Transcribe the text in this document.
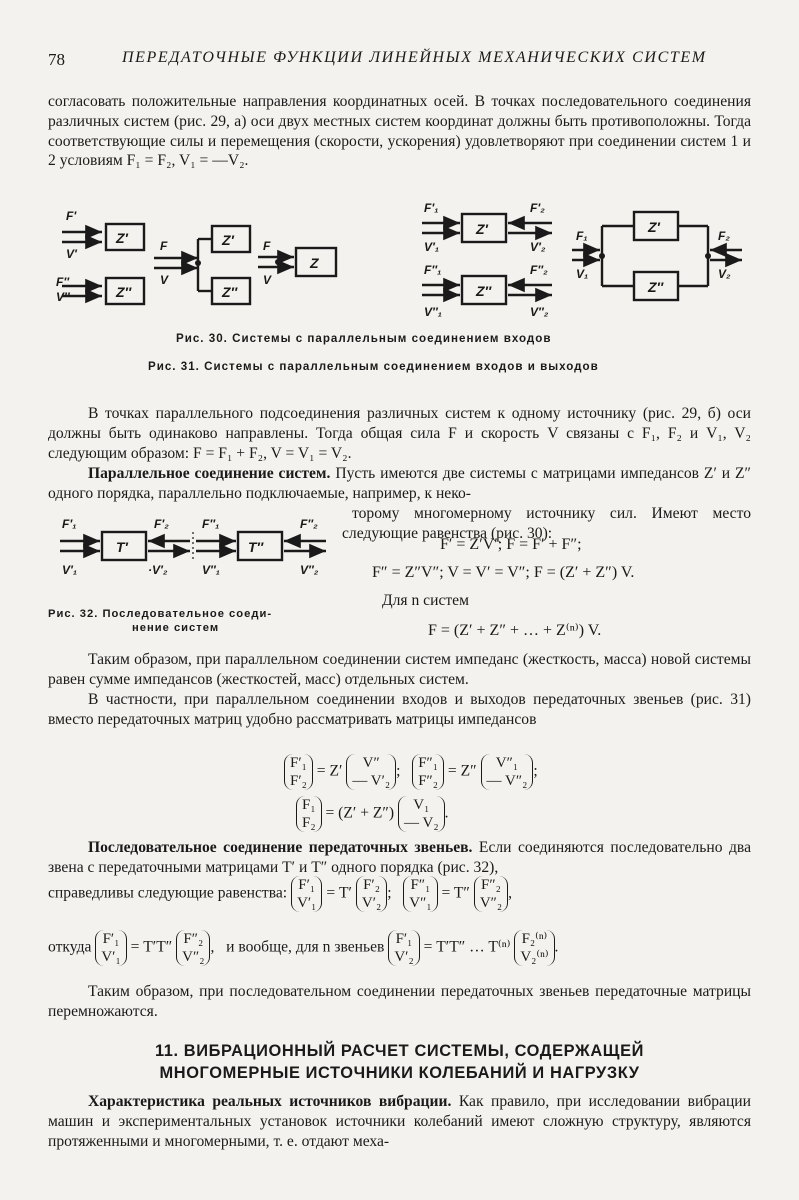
78	ПЕРЕДАТОЧНЫЕ ФУНКЦИИ ЛИНЕЙНЫХ МЕХАНИЧЕСКИХ СИСТЕМ
согласовать положительные направления координатных осей. В точках последовательного соединения различных систем (рис. 29, а) оси двух местных систем координат должны быть противоположны. Тогда соответствующие силы и перемещения (скорости, ускорения) удовлетворяют при соединении систем 1 и 2 условиям F₁ = F₂, V₁ = —V₂.
F′
V′
F″
V″
Z′
Z″
F
V
Z′
Z″
F
V
Z
F′₁
V′₁
F′₂
V′₂
Z′
F″₁
V″₁
F″₂
V″₂
Z″
F₁
V₁
Z′
Z″
F₂
V₂
Рис. 30. Системы с параллельным соединением входов
Рис. 31. Системы с параллельным соединением входов и выходов
В точках параллельного подсоединения различных систем к одному источнику (рис. 29, б) оси должны быть одинаково направлены. Тогда общая сила F и скорость V связаны с F₁, F₂ и V₁, V₂ следующим образом: F = F₁ + F₂, V = V₁ = V₂.
Параллельное соединение систем. Пусть имеются две системы с матрицами импедансов Z′ и Z″ одного порядка, параллельно подключаемые, например, к неко-
торому многомерному источнику сил. Имеют место следующие равенства (рис. 30):
F′₁
V′₁
F′₂
·V′₂
T′
F″₁
V″₁
T″
F″₂
V″₂
Рис. 32. Последовательное соеди-
нение систем
F′ = Z′V′; F = F′ + F″;
F″ = Z″V″; V = V′ = V″; F = (Z′ + Z″) V.
Для n систем
F = (Z′ + Z″ + … + Z⁽ⁿ⁾) V.
Таким образом, при параллельном соединении систем импеданс (жесткость, масса) новой системы равен сумме импедансов (жесткостей, масс) отдельных систем.
В частности, при параллельном соединении входов и выходов передаточных звеньев (рис. 31) вместо передаточных матриц удобно рассматривать матрицы импедансов
F′₁
F′₂
= Z′	V″
— V′₂
; F″₁
F″₂
= Z″	V″₁
— V″₂
;
F₁
F₂
= (Z′ + Z″)	V₁
— V₂
.
Последовательное соединение передаточных звеньев. Если соединяются последовательно два звена с передаточными матрицами T′ и T″ одного порядка (рис. 32),
справедливы следующие равенства: F′₁
V′₁
= T′ F′₂
V′₂
; F″₁
V″₁
= T″ F″₂
V″₂
,
откуда F′₁
V′₁
= T′T″ F″₂
V″₂
, и вообще, для n звеньев F′₁
V′₂
= T′T″ … T⁽ⁿ⁾ F₂⁽ⁿ⁾
V₂⁽ⁿ⁾
.
Таким образом, при последовательном соединении передаточных звеньев передаточные матрицы перемножаются.
11. ВИБРАЦИОННЫЙ РАСЧЕТ СИСТЕМЫ, СОДЕРЖАЩЕЙ
МНОГОМЕРНЫЕ ИСТОЧНИКИ КОЛЕБАНИЙ И НАГРУЗКУ
Характеристика реальных источников вибрации. Как правило, при исследовании вибрации машин и экспериментальных установок источники колебаний имеют сложную структуру, являются протяженными и многомерными, т. е. отдают меха-
